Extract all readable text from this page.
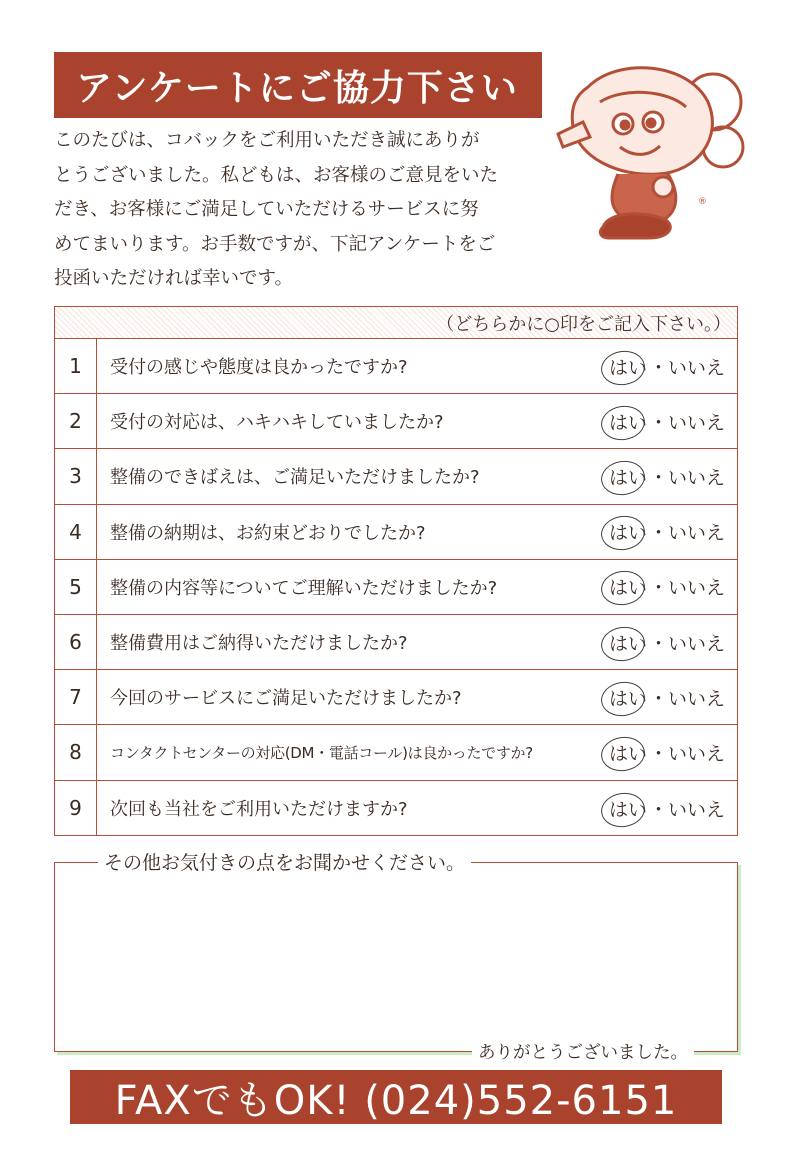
アンケートにご協力下さい
このたびは、コバックをご利用いただき誠にありが
とうございました。私どもは、お客様のご意見をいた
だき、お客様にご満足していただけるサービスに努
めてまいります。お手数ですが、下記アンケートをご
投函いただければ幸いです。
®
（どちらかに○印をご記入下さい。）
1	受付の感じや態度は良かったですか?	はい ・いいえ
2	受付の対応は、ハキハキしていましたか?	はい ・いいえ
3	整備のできばえは、ご満足いただけましたか?	はい ・いいえ
4	整備の納期は、お約束どおりでしたか?	はい ・いいえ
5	整備の内容等についてご理解いただけましたか?	はい ・いいえ
6	整備費用はご納得いただけましたか?	はい ・いいえ
7	今回のサービスにご満足いただけましたか?	はい ・いいえ
8	コンタクトセンターの対応(DM・電話コール)は良かったですか?	はい ・いいえ
9	次回も当社をご利用いただけますか?	はい ・いいえ
その他お気付きの点をお聞かせください。
ありがとうございました。
FAXでもOK! (024)552-6151
